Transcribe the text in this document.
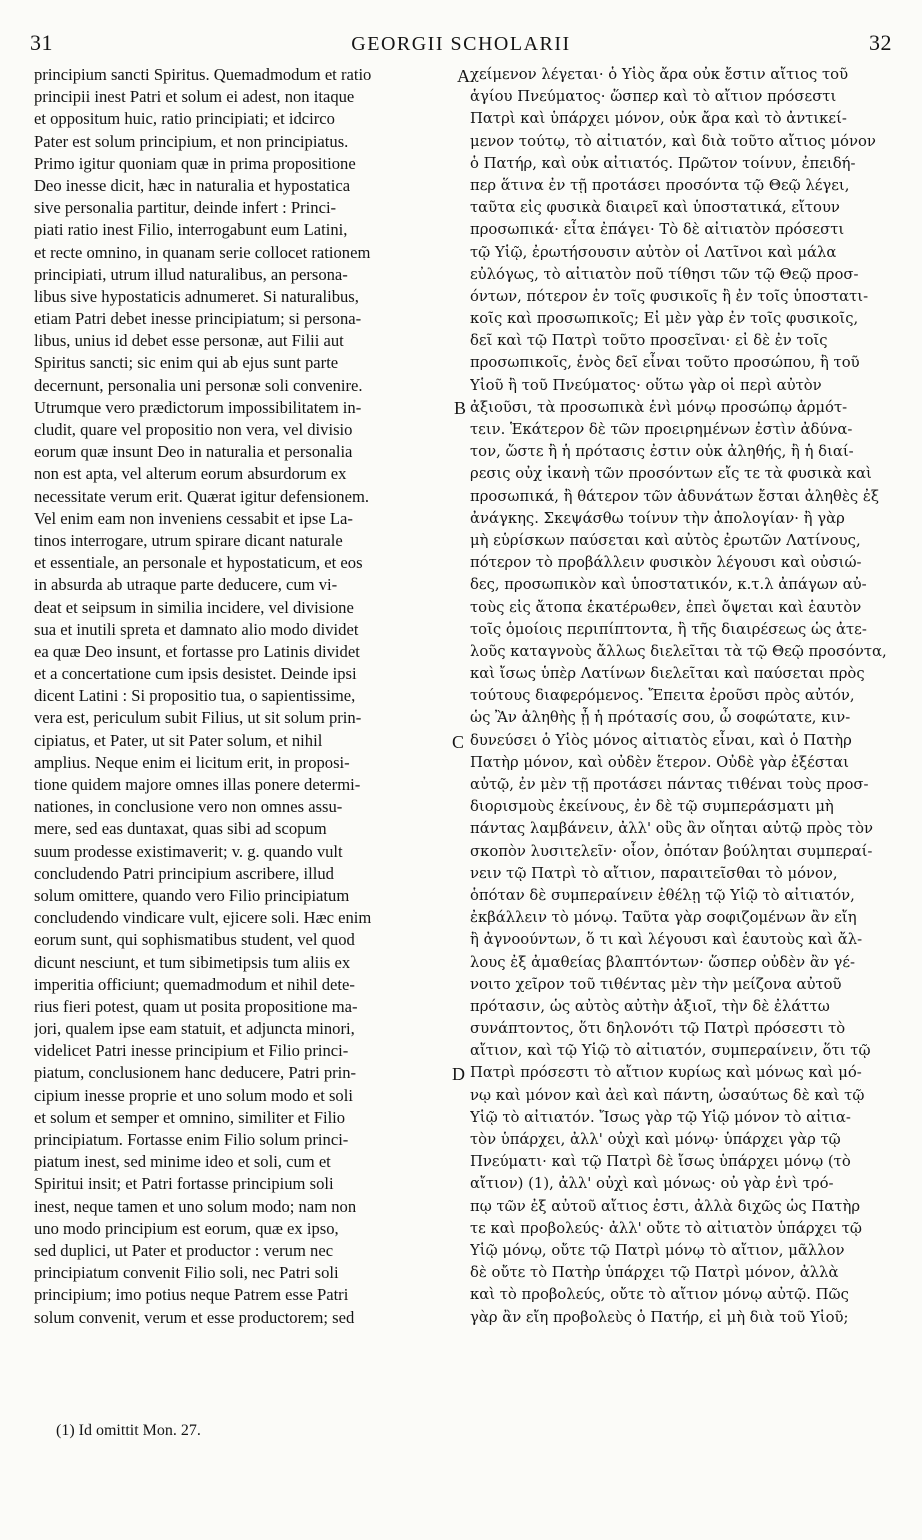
31	GEORGII SCHOLARII	32
principium sancti Spiritus. Quemadmodum et ratio
principii inest Patri et solum ei adest, non itaque
et oppositum huic, ratio principiati; et idcirco
Pater est solum principium, et non principiatus.
Primo igitur quoniam quæ in prima propositione
Deo inesse dicit, hæc in naturalia et hypostatica
sive personalia partitur, deinde infert : Princi-
piati ratio inest Filio, interrogabunt eum Latini,
et recte omnino, in quanam serie collocet rationem
principiati, utrum illud naturalibus, an persona-
libus sive hypostaticis adnumeret. Si naturalibus,
etiam Patri debet inesse principiatum; si persona-
libus, unius id debet esse personæ, aut Filii aut
Spiritus sancti; sic enim qui ab ejus sunt parte
decernunt, personalia uni personæ soli convenire.
Utrumque vero prædictorum impossibilitatem in-
cludit, quare vel propositio non vera, vel divisio
eorum quæ insunt Deo in naturalia et personalia
non est apta, vel alterum eorum absurdorum ex
necessitate verum erit. Quærat igitur defensionem.
Vel enim eam non inveniens cessabit et ipse La-
tinos interrogare, utrum spirare dicant naturale
et essentiale, an personale et hypostaticum, et eos
in absurda ab utraque parte deducere, cum vi-
deat et seipsum in similia incidere, vel divisione
sua et inutili spreta et damnato alio modo dividet
ea quæ Deo insunt, et fortasse pro Latinis dividet
et a concertatione cum ipsis desistet. Deinde ipsi
dicent Latini : Si propositio tua, o sapientissime,
vera est, periculum subit Filius, ut sit solum prin-
cipiatus, et Pater, ut sit Pater solum, et nihil
amplius. Neque enim ei licitum erit, in proposi-
tione quidem majore omnes illas ponere determi-
nationes, in conclusione vero non omnes assu-
mere, sed eas duntaxat, quas sibi ad scopum
suum prodesse existimaverit; v. g. quando vult
concludendo Patri principium ascribere, illud
solum omittere, quando vero Filio principiatum
concludendo vindicare vult, ejicere soli. Hæc enim
eorum sunt, qui sophismatibus student, vel quod
dicunt nesciunt, et tum sibimetipsis tum aliis ex
imperitia officiunt; quemadmodum et nihil dete-
rius fieri potest, quam ut posita propositione ma-
jori, qualem ipse eam statuit, et adjuncta minori,
videlicet Patri inesse principium et Filio princi-
piatum, conclusionem hanc deducere, Patri prin-
cipium inesse proprie et uno solum modo et soli
et solum et semper et omnino, similiter et Filio
principiatum. Fortasse enim Filio solum princi-
piatum inest, sed minime ideo et soli, cum et
Spiritui insit; et Patri fortasse principium soli
inest, neque tamen et uno solum modo; nam non
uno modo principium est eorum, quæ ex ipso,
sed duplici, ut Pater et productor : verum nec
principiatum convenit Filio soli, nec Patri soli
principium; imo potius neque Patrem esse Patri
solum convenit, verum et esse productorem; sed
χείμενον λέγεται· ὁ Υἱὸς ἄρα οὐκ ἔστιν αἴτιος τοῦ
ἁγίου Πνεύματος· ὥσπερ καὶ τὸ αἴτιον πρόσεστι
Πατρὶ καὶ ὑπάρχει μόνον, οὐκ ἄρα καὶ τὸ ἀντικεί-
μενον τούτῳ, τὸ αἰτιατόν, καὶ διὰ τοῦτο αἴτιος μόνον
ὁ Πατήρ, καὶ οὐκ αἰτιατός. Πρῶτον τοίνυν, ἐπειδή-
περ ἅτινα ἐν τῇ προτάσει προσόντα τῷ Θεῷ λέγει,
ταῦτα εἰς φυσικὰ διαιρεῖ καὶ ὑποστατικά, εἴτουν
προσωπικά· εἶτα ἐπάγει· Τὸ δὲ αἰτιατὸν πρόσεστι
τῷ Υἱῷ, ἐρωτήσουσιν αὐτὸν οἱ Λατῖνοι καὶ μάλα
εὐλόγως, τὸ αἰτιατὸν ποῦ τίθησι τῶν τῷ Θεῷ προσ-
όντων, πότερον ἐν τοῖς φυσικοῖς ἢ ἐν τοῖς ὑποστατι-
κοῖς καὶ προσωπικοῖς; Εἰ μὲν γὰρ ἐν τοῖς φυσικοῖς,
δεῖ καὶ τῷ Πατρὶ τοῦτο προσεῖναι· εἰ δὲ ἐν τοῖς
προσωπικοῖς, ἑνὸς δεῖ εἶναι τοῦτο προσώπου, ἢ τοῦ
Υἱοῦ ἢ τοῦ Πνεύματος· οὕτω γὰρ οἱ περὶ αὐτὸν
ἀξιοῦσι, τὰ προσωπικὰ ἑνὶ μόνῳ προσώπῳ ἁρμότ-
τειν. Ἑκάτερον δὲ τῶν προειρημένων ἐστὶν ἀδύνα-
τον, ὥστε ἢ ἡ πρότασις ἐστιν οὐκ ἀληθής, ἢ ἡ διαί-
ρεσις οὐχ ἱκανὴ τῶν προσόντων εἴς τε τὰ φυσικὰ καὶ
προσωπικά, ἢ θάτερον τῶν ἀδυνάτων ἔσται ἀληθὲς ἐξ
ἀνάγκης. Σκεψάσθω τοίνυν τὴν ἀπολογίαν· ἢ γὰρ
μὴ εὑρίσκων παύσεται καὶ αὐτὸς ἐρωτῶν Λατίνους,
πότερον τὸ προβάλλειν φυσικὸν λέγουσι καὶ οὐσιώ-
δες, προσωπικὸν καὶ ὑποστατικόν, κ.τ.λ ἀπάγων αὐ-
τοὺς εἰς ἄτοπα ἑκατέρωθεν, ἐπεὶ ὄψεται καὶ ἑαυτὸν
τοῖς ὁμοίοις περιπίπτοντα, ἢ τῆς διαιρέσεως ὡς ἀτε-
λοῦς καταγνοὺς ἄλλως διελεῖται τὰ τῷ Θεῷ προσόντα,
καὶ ἴσως ὑπὲρ Λατίνων διελεῖται καὶ παύσεται πρὸς
τούτους διαφερόμενος. Ἔπειτα ἐροῦσι πρὸς αὐτόν,
ὡς Ἂν ἀληθὴς ᾖ ἡ πρότασίς σου, ὦ σοφώτατε, κιν-
δυνεύσει ὁ Υἱὸς μόνος αἰτιατὸς εἶναι, καὶ ὁ Πατὴρ
Πατὴρ μόνον, καὶ οὐδὲν ἕτερον. Οὐδὲ γὰρ ἐξέσται
αὐτῷ, ἐν μὲν τῇ προτάσει πάντας τιθέναι τοὺς προσ-
διορισμοὺς ἐκείνους, ἐν δὲ τῷ συμπεράσματι μὴ
πάντας λαμβάνειν, ἀλλ' οὓς ἂν οἴηται αὐτῷ πρὸς τὸν
σκοπὸν λυσιτελεῖν· οἷον, ὁπόταν βούληται συμπεραί-
νειν τῷ Πατρὶ τὸ αἴτιον, παραιτεῖσθαι τὸ μόνον,
ὁπόταν δὲ συμπεραίνειν ἐθέλῃ τῷ Υἱῷ τὸ αἰτιατόν,
ἐκβάλλειν τὸ μόνῳ. Ταῦτα γὰρ σοφιζομένων ἂν εἴη
ἢ ἀγνοούντων, ὅ τι καὶ λέγουσι καὶ ἑαυτοὺς καὶ ἄλ-
λους ἐξ ἀμαθείας βλαπτόντων· ὥσπερ οὐδὲν ἂν γέ-
νοιτο χεῖρον τοῦ τιθέντας μὲν τὴν μείζονα αὐτοῦ
πρότασιν, ὡς αὐτὸς αὐτὴν ἀξιοῖ, τὴν δὲ ἐλάττω
συνάπτοντος, ὅτι δηλονότι τῷ Πατρὶ πρόσεστι τὸ
αἴτιον, καὶ τῷ Υἱῷ τὸ αἰτιατόν, συμπεραίνειν, ὅτι τῷ
Πατρὶ πρόσεστι τὸ αἴτιον κυρίως καὶ μόνως καὶ μό-
νῳ καὶ μόνον καὶ ἀεὶ καὶ πάντη, ὡσαύτως δὲ καὶ τῷ
Υἱῷ τὸ αἰτιατόν. Ἴσως γὰρ τῷ Υἱῷ μόνον τὸ αἰτια-
τὸν ὑπάρχει, ἀλλ' οὐχὶ καὶ μόνῳ· ὑπάρχει γὰρ τῷ
Πνεύματι· καὶ τῷ Πατρὶ δὲ ἴσως ὑπάρχει μόνῳ (τὸ
αἴτιον) (1), ἀλλ' οὐχὶ καὶ μόνως· οὐ γὰρ ἑνὶ τρό-
πῳ τῶν ἐξ αὐτοῦ αἴτιος ἐστι, ἀλλὰ διχῶς ὡς Πατὴρ
τε καὶ προβολεύς· ἀλλ' οὔτε τὸ αἰτιατὸν ὑπάρχει τῷ
Υἱῷ μόνῳ, οὔτε τῷ Πατρὶ μόνῳ τὸ αἴτιον, μᾶλλον
δὲ οὔτε τὸ Πατὴρ ὑπάρχει τῷ Πατρὶ μόνον, ἀλλὰ
καὶ τὸ προβολεύς, οὔτε τὸ αἴτιον μόνῳ αὐτῷ. Πῶς
γὰρ ἂν εἴη προβολεὺς ὁ Πατήρ, εἰ μὴ διὰ τοῦ Υἱοῦ;
A
B
C
D
(1) Id omittit Mon. 27.
